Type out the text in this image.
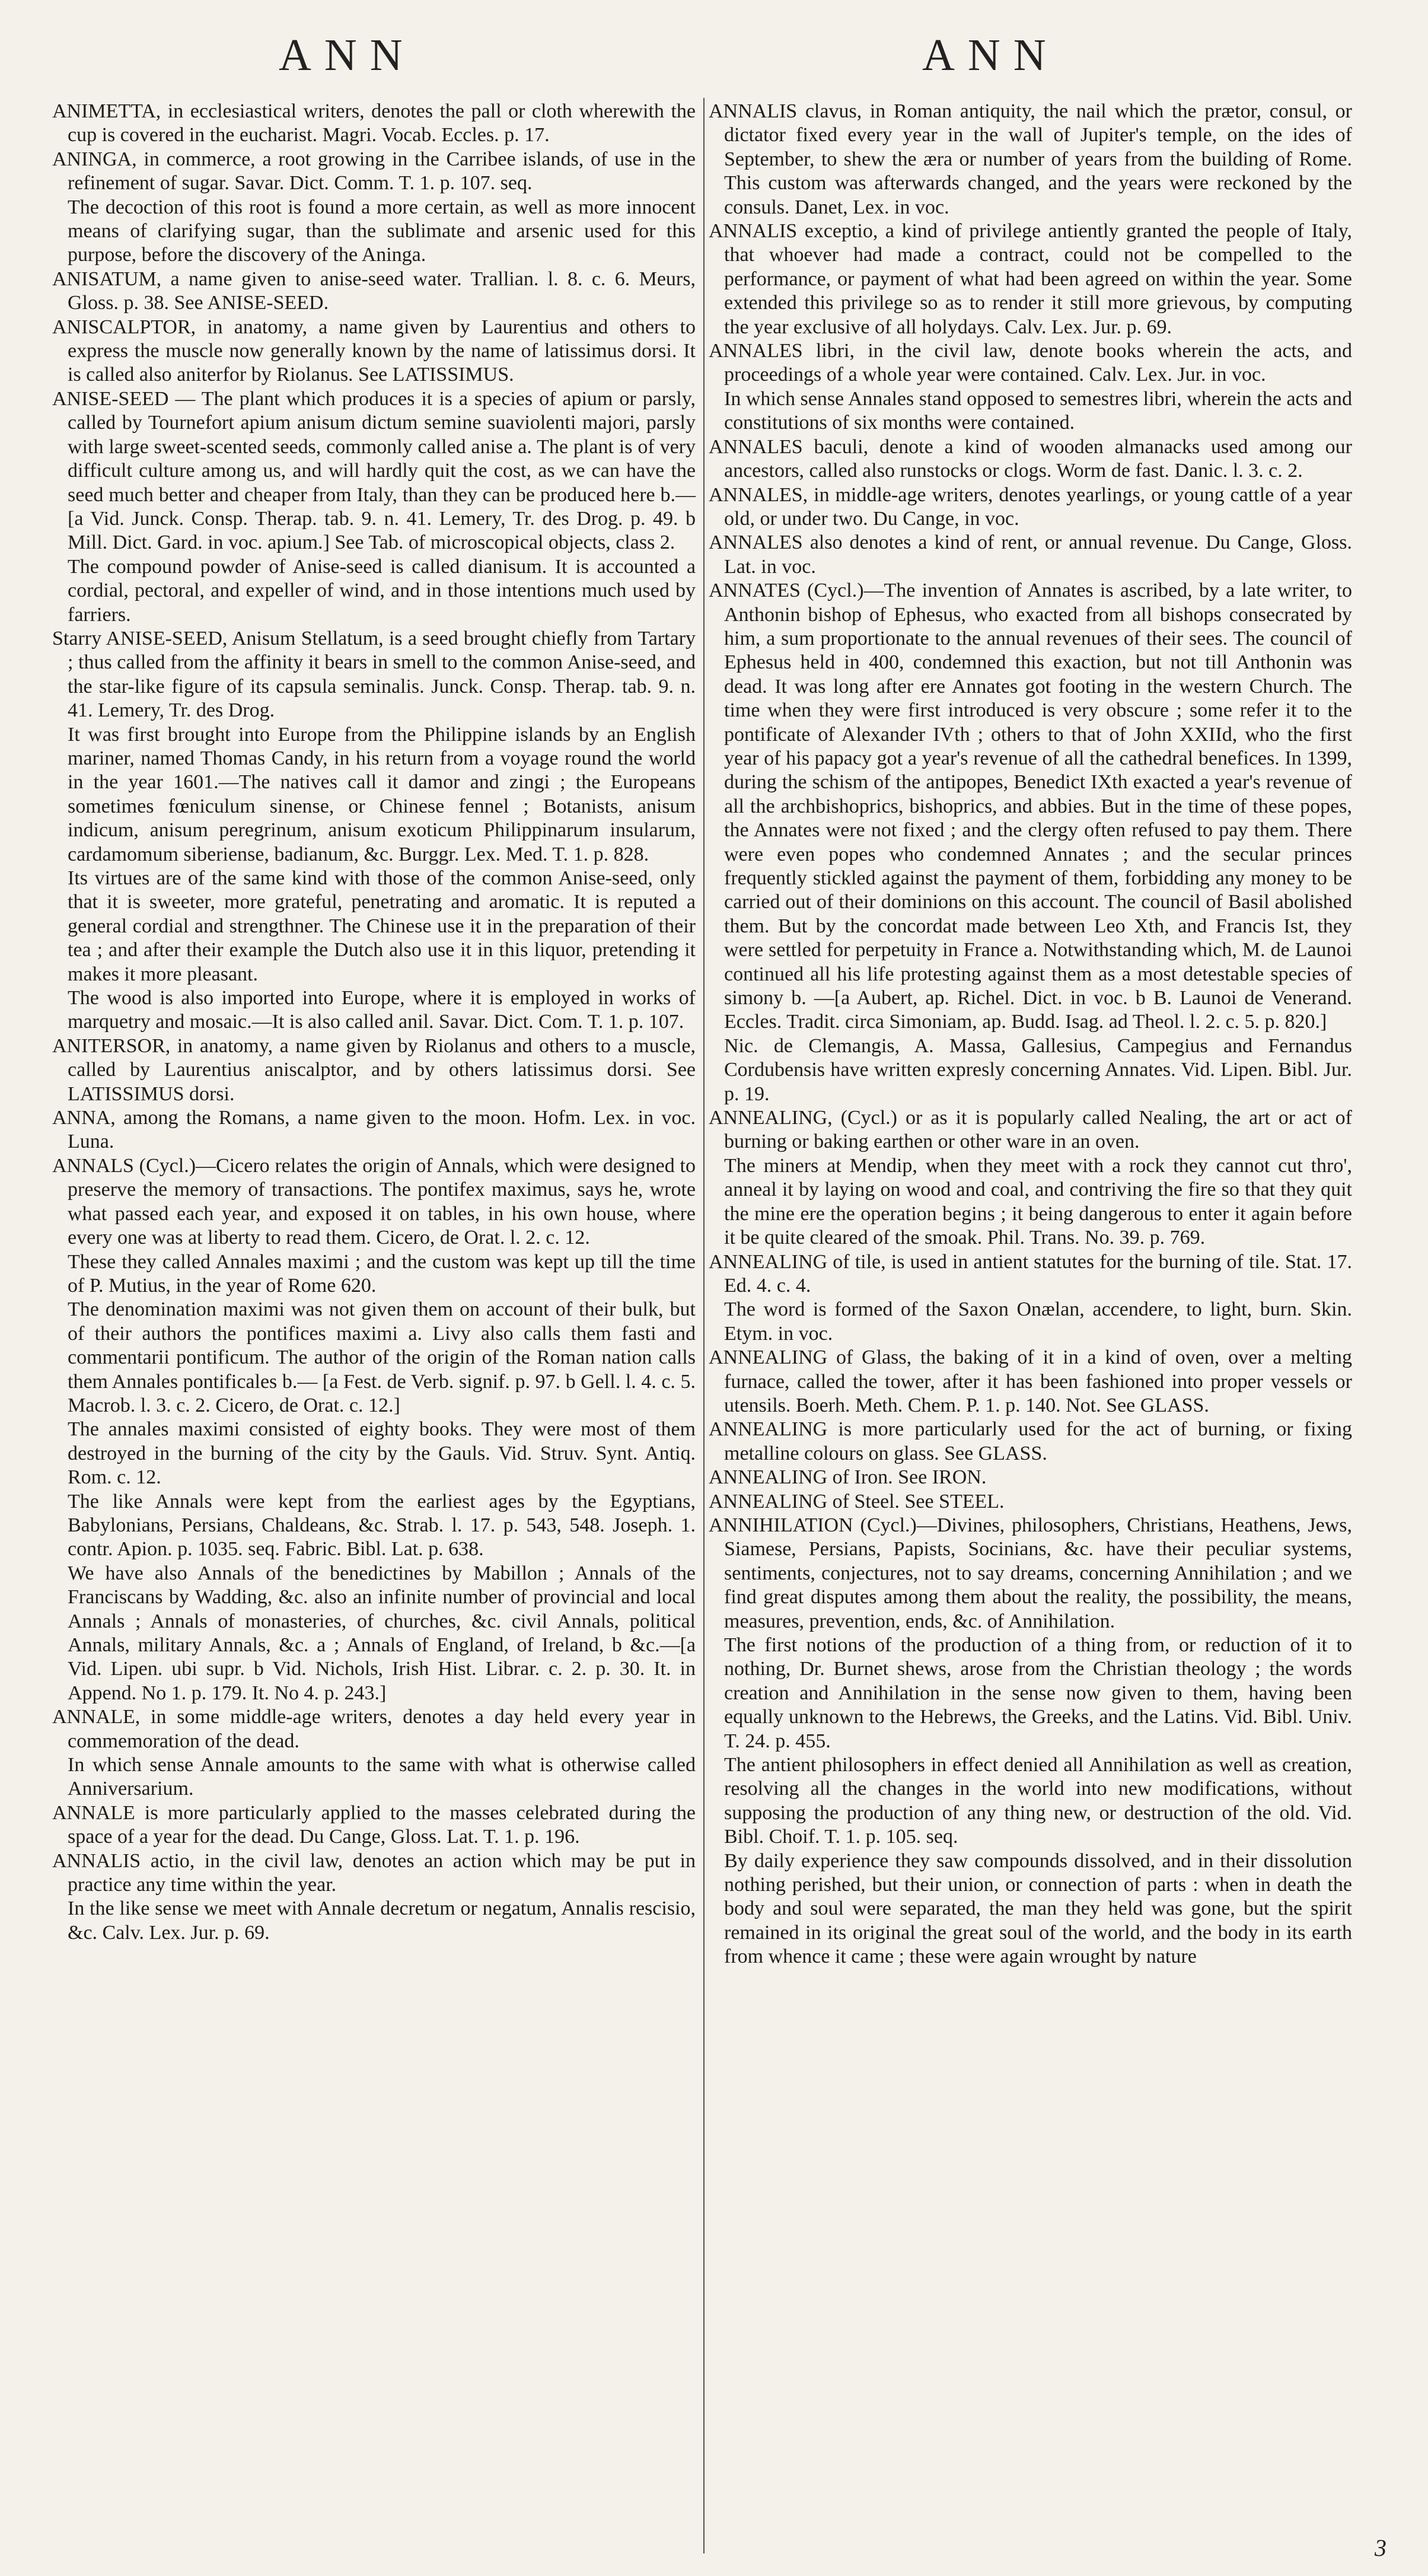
ANN	ANN

ANIMETTA, in ecclesiastical writers, denotes the pall or cloth wherewith the cup is covered in the eucharist. Magri. Vocab. Eccles. p. 17.

ANINGA, in commerce, a root growing in the Carribee islands, of use in the refinement of sugar. Savar. Dict. Comm. T. 1. p. 107. seq.

The decoction of this root is found a more certain, as well as more innocent means of clarifying sugar, than the sublimate and arsenic used for this purpose, before the discovery of the Aninga.

ANISATUM, a name given to anise-seed water. Trallian. l. 8. c. 6. Meurs, Gloss. p. 38. See ANISE-SEED.

ANISCALPTOR, in anatomy, a name given by Laurentius and others to express the muscle now generally known by the name of latissimus dorsi. It is called also aniterfor by Riolanus. See LATISSIMUS.

ANISE-SEED — The plant which produces it is a species of apium or parsly, called by Tournefort apium anisum dictum semine suaviolenti majori, parsly with large sweet-scented seeds, commonly called anise a. The plant is of very difficult culture among us, and will hardly quit the cost, as we can have the seed much better and cheaper from Italy, than they can be produced here b.— [a Vid. Junck. Consp. Therap. tab. 9. n. 41. Lemery, Tr. des Drog. p. 49. b Mill. Dict. Gard. in voc. apium.] See Tab. of microscopical objects, class 2.

The compound powder of Anise-seed is called dianisum. It is accounted a cordial, pectoral, and expeller of wind, and in those intentions much used by farriers.

Starry ANISE-SEED, Anisum Stellatum, is a seed brought chiefly from Tartary ; thus called from the affinity it bears in smell to the common Anise-seed, and the star-like figure of its capsula seminalis. Junck. Consp. Therap. tab. 9. n. 41. Lemery, Tr. des Drog.

It was first brought into Europe from the Philippine islands by an English mariner, named Thomas Candy, in his return from a voyage round the world in the year 1601.—The natives call it damor and zingi ; the Europeans sometimes fœniculum sinense, or Chinese fennel ; Botanists, anisum indicum, anisum peregrinum, anisum exoticum Philippinarum insularum, cardamomum siberiense, badianum, &c. Burggr. Lex. Med. T. 1. p. 828.

Its virtues are of the same kind with those of the common Anise-seed, only that it is sweeter, more grateful, penetrating and aromatic. It is reputed a general cordial and strengthner. The Chinese use it in the preparation of their tea ; and after their example the Dutch also use it in this liquor, pretending it makes it more pleasant.

The wood is also imported into Europe, where it is employed in works of marquetry and mosaic.—It is also called anil. Savar. Dict. Com. T. 1. p. 107.

ANITERSOR, in anatomy, a name given by Riolanus and others to a muscle, called by Laurentius aniscalptor, and by others latissimus dorsi. See LATISSIMUS dorsi.

ANNA, among the Romans, a name given to the moon. Hofm. Lex. in voc. Luna.

ANNALS (Cycl.)—Cicero relates the origin of Annals, which were designed to preserve the memory of transactions. The pontifex maximus, says he, wrote what passed each year, and exposed it on tables, in his own house, where every one was at liberty to read them. Cicero, de Orat. l. 2. c. 12.

These they called Annales maximi ; and the custom was kept up till the time of P. Mutius, in the year of Rome 620.

The denomination maximi was not given them on account of their bulk, but of their authors the pontifices maximi a. Livy also calls them fasti and commentarii pontificum. The author of the origin of the Roman nation calls them Annales pontificales b.— [a Fest. de Verb. signif. p. 97. b Gell. l. 4. c. 5. Macrob. l. 3. c. 2. Cicero, de Orat. c. 12.]

The annales maximi consisted of eighty books. They were most of them destroyed in the burning of the city by the Gauls. Vid. Struv. Synt. Antiq. Rom. c. 12.

The like Annals were kept from the earliest ages by the Egyptians, Babylonians, Persians, Chaldeans, &c. Strab. l. 17. p. 543, 548. Joseph. 1. contr. Apion. p. 1035. seq. Fabric. Bibl. Lat. p. 638.

We have also Annals of the benedictines by Mabillon ; Annals of the Franciscans by Wadding, &c. also an infinite number of provincial and local Annals ; Annals of monasteries, of churches, &c. civil Annals, political Annals, military Annals, &c. a ; Annals of England, of Ireland, b &c.—[a Vid. Lipen. ubi supr. b Vid. Nichols, Irish Hist. Librar. c. 2. p. 30. It. in Append. No 1. p. 179. It. No 4. p. 243.]

ANNALE, in some middle-age writers, denotes a day held every year in commemoration of the dead.

In which sense Annale amounts to the same with what is otherwise called Anniversarium.

ANNALE is more particularly applied to the masses celebrated during the space of a year for the dead. Du Cange, Gloss. Lat. T. 1. p. 196.

ANNALIS actio, in the civil law, denotes an action which may be put in practice any time within the year.

In the like sense we meet with Annale decretum or negatum, Annalis rescisio, &c. Calv. Lex. Jur. p. 69.

ANNALIS clavus, in Roman antiquity, the nail which the prætor, consul, or dictator fixed every year in the wall of Jupiter's temple, on the ides of September, to shew the æra or number of years from the building of Rome. This custom was afterwards changed, and the years were reckoned by the consuls. Danet, Lex. in voc.

ANNALIS exceptio, a kind of privilege antiently granted the people of Italy, that whoever had made a contract, could not be compelled to the performance, or payment of what had been agreed on within the year. Some extended this privilege so as to render it still more grievous, by computing the year exclusive of all holydays. Calv. Lex. Jur. p. 69.

ANNALES libri, in the civil law, denote books wherein the acts, and proceedings of a whole year were contained. Calv. Lex. Jur. in voc.

In which sense Annales stand opposed to semestres libri, wherein the acts and constitutions of six months were contained.

ANNALES baculi, denote a kind of wooden almanacks used among our ancestors, called also runstocks or clogs. Worm de fast. Danic. l. 3. c. 2.

ANNALES, in middle-age writers, denotes yearlings, or young cattle of a year old, or under two. Du Cange, in voc.

ANNALES also denotes a kind of rent, or annual revenue. Du Cange, Gloss. Lat. in voc.

ANNATES (Cycl.)—The invention of Annates is ascribed, by a late writer, to Anthonin bishop of Ephesus, who exacted from all bishops consecrated by him, a sum proportionate to the annual revenues of their sees. The council of Ephesus held in 400, condemned this exaction, but not till Anthonin was dead. It was long after ere Annates got footing in the western Church. The time when they were first introduced is very obscure ; some refer it to the pontificate of Alexander IVth ; others to that of John XXIId, who the first year of his papacy got a year's revenue of all the cathedral benefices. In 1399, during the schism of the antipopes, Benedict IXth exacted a year's revenue of all the archbishoprics, bishoprics, and abbies. But in the time of these popes, the Annates were not fixed ; and the clergy often refused to pay them. There were even popes who condemned Annates ; and the secular princes frequently stickled against the payment of them, forbidding any money to be carried out of their dominions on this account. The council of Basil abolished them. But by the concordat made between Leo Xth, and Francis Ist, they were settled for perpetuity in France a. Notwithstanding which, M. de Launoi continued all his life protesting against them as a most detestable species of simony b. —[a Aubert, ap. Richel. Dict. in voc. b B. Launoi de Venerand. Eccles. Tradit. circa Simoniam, ap. Budd. Isag. ad Theol. l. 2. c. 5. p. 820.]

Nic. de Clemangis, A. Massa, Gallesius, Campegius and Fernandus Cordubensis have written expresly concerning Annates. Vid. Lipen. Bibl. Jur. p. 19.

ANNEALING, (Cycl.) or as it is popularly called Nealing, the art or act of burning or baking earthen or other ware in an oven.

The miners at Mendip, when they meet with a rock they cannot cut thro', anneal it by laying on wood and coal, and contriving the fire so that they quit the mine ere the operation begins ; it being dangerous to enter it again before it be quite cleared of the smoak. Phil. Trans. No. 39. p. 769.

ANNEALING of tile, is used in antient statutes for the burning of tile. Stat. 17. Ed. 4. c. 4.

The word is formed of the Saxon Onælan, accendere, to light, burn. Skin. Etym. in voc.

ANNEALING of Glass, the baking of it in a kind of oven, over a melting furnace, called the tower, after it has been fashioned into proper vessels or utensils. Boerh. Meth. Chem. P. 1. p. 140. Not. See GLASS.

ANNEALING is more particularly used for the act of burning, or fixing metalline colours on glass. See GLASS.

ANNEALING of Iron. See IRON.

ANNEALING of Steel. See STEEL.

ANNIHILATION (Cycl.)—Divines, philosophers, Christians, Heathens, Jews, Siamese, Persians, Papists, Socinians, &c. have their peculiar systems, sentiments, conjectures, not to say dreams, concerning Annihilation ; and we find great disputes among them about the reality, the possibility, the means, measures, prevention, ends, &c. of Annihilation.

The first notions of the production of a thing from, or reduction of it to nothing, Dr. Burnet shews, arose from the Christian theology ; the words creation and Annihilation in the sense now given to them, having been equally unknown to the Hebrews, the Greeks, and the Latins. Vid. Bibl. Univ. T. 24. p. 455.

The antient philosophers in effect denied all Annihilation as well as creation, resolving all the changes in the world into new modifications, without supposing the production of any thing new, or destruction of the old. Vid. Bibl. Choif. T. 1. p. 105. seq.

By daily experience they saw compounds dissolved, and in their dissolution nothing perished, but their union, or connection of parts : when in death the body and soul were separated, the man they held was gone, but the spirit remained in its original the great soul of the world, and the body in its earth from whence it came ; these were again wrought by nature

3
